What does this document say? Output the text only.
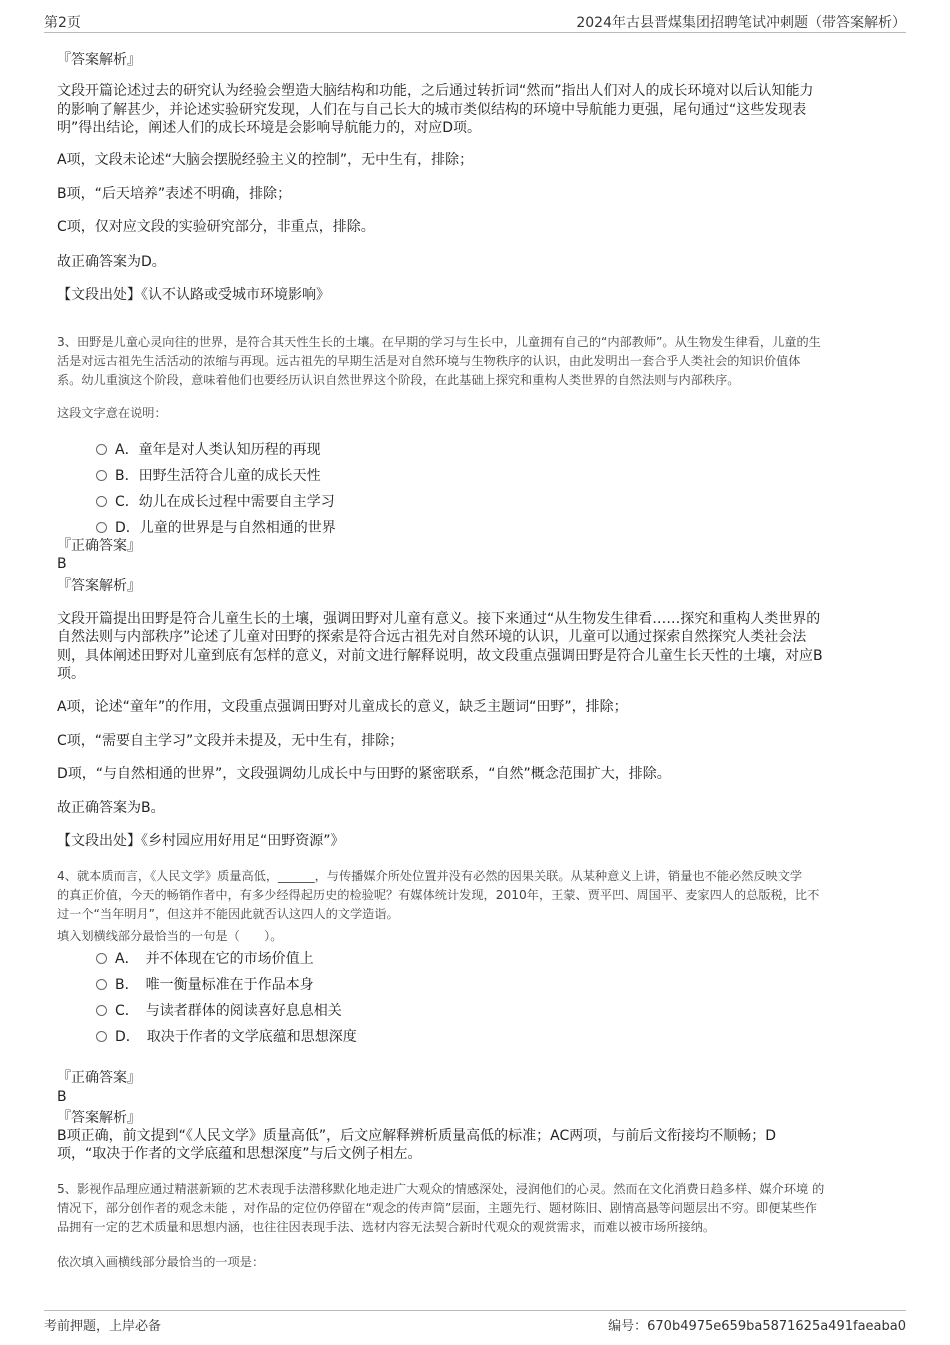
第2页	2024年古县晋煤集团招聘笔试冲刺题（带答案解析）
『答案解析』
文段开篇论述过去的研究认为经验会塑造大脑结构和功能，之后通过转折词“然而”指出人们对人的成长环境对以后认知能力
的影响了解甚少，并论述实验研究发现，人们在与自己长大的城市类似结构的环境中导航能力更强，尾句通过“这些发现表
明”得出结论，阐述人们的成长环境是会影响导航能力的，对应D项。
A项，文段未论述“大脑会摆脱经验主义的控制”，无中生有，排除；
B项，“后天培养”表述不明确，排除；
C项，仅对应文段的实验研究部分，非重点，排除。
故正确答案为D。
【文段出处】《认不认路或受城市环境影响》
3、田野是儿童心灵向往的世界，是符合其天性生长的土壤。在早期的学习与生长中，儿童拥有自己的“内部教师”。从生物发生律看，儿童的生
活是对远古祖先生活活动的浓缩与再现。远古祖先的早期生活是对自然环境与生物秩序的认识，由此发明出一套合乎人类社会的知识价值体
系。幼儿重演这个阶段，意味着他们也要经历认识自然世界这个阶段，在此基础上探究和重构人类世界的自然法则与内部秩序。
这段文字意在说明：
A．童年是对人类认知历程的再现
B．田野生活符合儿童的成长天性
C．幼儿在成长过程中需要自主学习
D．儿童的世界是与自然相通的世界
『正确答案』
B
『答案解析』
文段开篇提出田野是符合儿童生长的土壤，强调田野对儿童有意义。接下来通过“从生物发生律看……探究和重构人类世界的
自然法则与内部秩序”论述了儿童对田野的探索是符合远古祖先对自然环境的认识，儿童可以通过探索自然探究人类社会法
则，具体阐述田野对儿童到底有怎样的意义，对前文进行解释说明，故文段重点强调田野是符合儿童生长天性的土壤，对应B
项。
A项，论述“童年”的作用，文段重点强调田野对儿童成长的意义，缺乏主题词“田野”，排除；
C项，“需要自主学习”文段并未提及，无中生有，排除；
D项，“与自然相通的世界”，文段强调幼儿成长中与田野的紧密联系，“自然”概念范围扩大，排除。
故正确答案为B。
【文段出处】《乡村园应用好用足“田野资源”》
4、就本质而言，《人民文学》质量高低，______，与传播媒介所处位置并没有必然的因果关联。从某种意义上讲，销量也不能必然反映文学
的真正价值，今天的畅销作者中，有多少经得起历史的检验呢？有媒体统计发现，2010年，王蒙、贾平凹、周国平、麦家四人的总版税，比不
过一个“当年明月”，但这并不能因此就否认这四人的文学造诣。
填入划横线部分最恰当的一句是（　　）。
A．　并不体现在它的市场价值上
B．　唯一衡量标准在于作品本身
C．　与读者群体的阅读喜好息息相关
D．　取决于作者的文学底蕴和思想深度
『正确答案』
B
『答案解析』
B项正确，前文提到“《人民文学》质量高低”，后文应解释辨析质量高低的标准；AC两项，与前后文衔接均不顺畅；D
项，“取决于作者的文学底蕴和思想深度”与后文例子相左。
5、影视作品理应通过精湛新颖的艺术表现手法潜移默化地走进广大观众的情感深处，浸润他们的心灵。然而在文化消费日趋多样、媒介环境 的
情况下，部分创作者的观念未能 ，对作品的定位仍停留在“观念的传声筒”层面，主题先行、题材陈旧、剧情高悬等问题层出不穷。即便某些作
品拥有一定的艺术质量和思想内涵，也往往因表现手法、选材内容无法契合新时代观众的观赏需求，而难以被市场所接纳。
依次填入画横线部分最恰当的一项是：
考前押题，上岸必备	编号：670b4975e659ba5871625a491faeaba0
